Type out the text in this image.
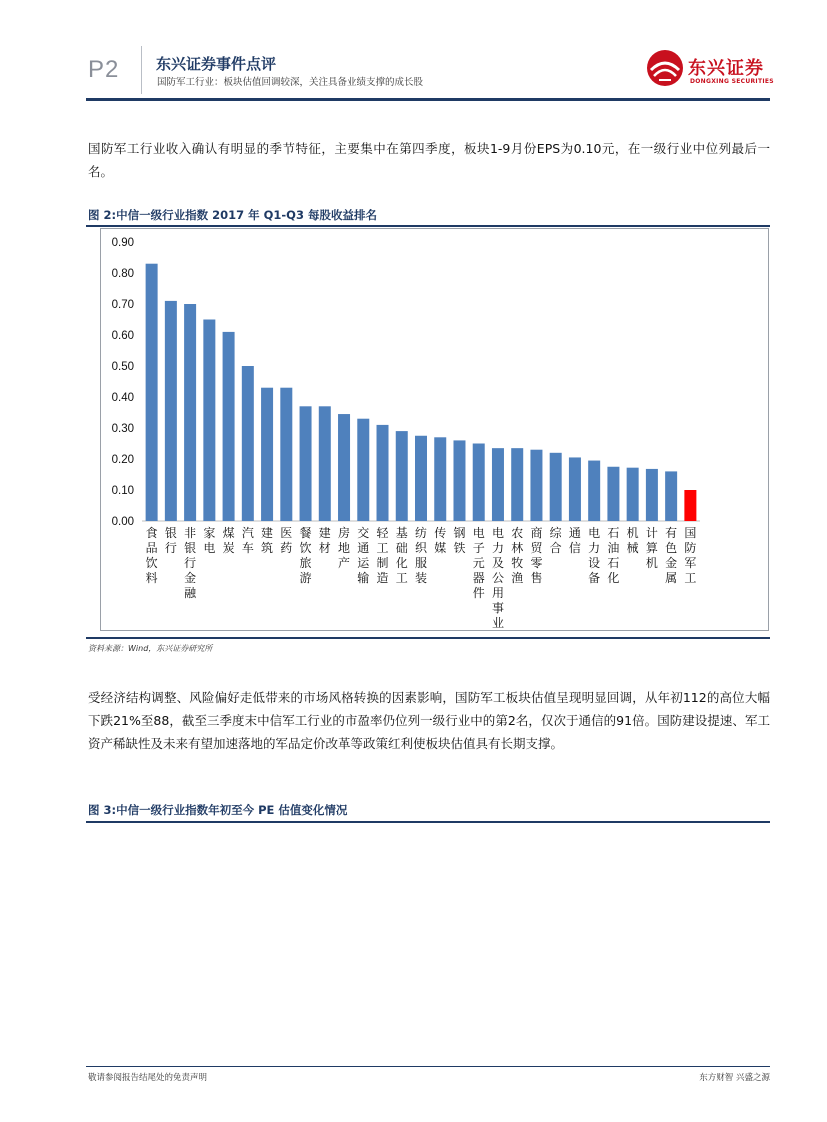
P2 东兴证券事件点评
国防军工行业：板块估值回调较深，关注具备业绩支撑的成长股
东兴证券
DONGXING SECURITIES

国防军工行业收入确认有明显的季节特征，主要集中在第四季度，板块1-9月份EPS为0.10元，在一级行业中位列最后一名。

图 2:中信一级行业指数 2017 年 Q1-Q3 每股收益排名
0.90
0.80
0.70
0.60
0.50
0.40
0.30
0.20
0.10
0.00
食品饮料
银行
非银行金融
家电
煤炭
汽车
建筑
医药
餐饮旅游
建材
房地产
交通运输
轻工制造
基础化工
纺织服装
传媒
钢铁
电子元器件
电力及公用事业
农林牧渔
商贸零售
综合
通信
电力设备
石油石化
机械
计算机
有色金属
国防军工
资料来源：Wind，东兴证券研究所

受经济结构调整、风险偏好走低带来的市场风格转换的因素影响，国防军工板块估值呈现明显回调，从年初112的高位大幅下跌21%至88，截至三季度末中信军工行业的市盈率仍位列一级行业中的第2名，仅次于通信的91倍。国防建设提速、军工资产稀缺性及未来有望加速落地的军品定价改革等政策红利使板块估值具有长期支撑。

图 3:中信一级行业指数年初至今 PE 估值变化情况
敬请参阅报告结尾处的免责声明	东方财智 兴盛之源
